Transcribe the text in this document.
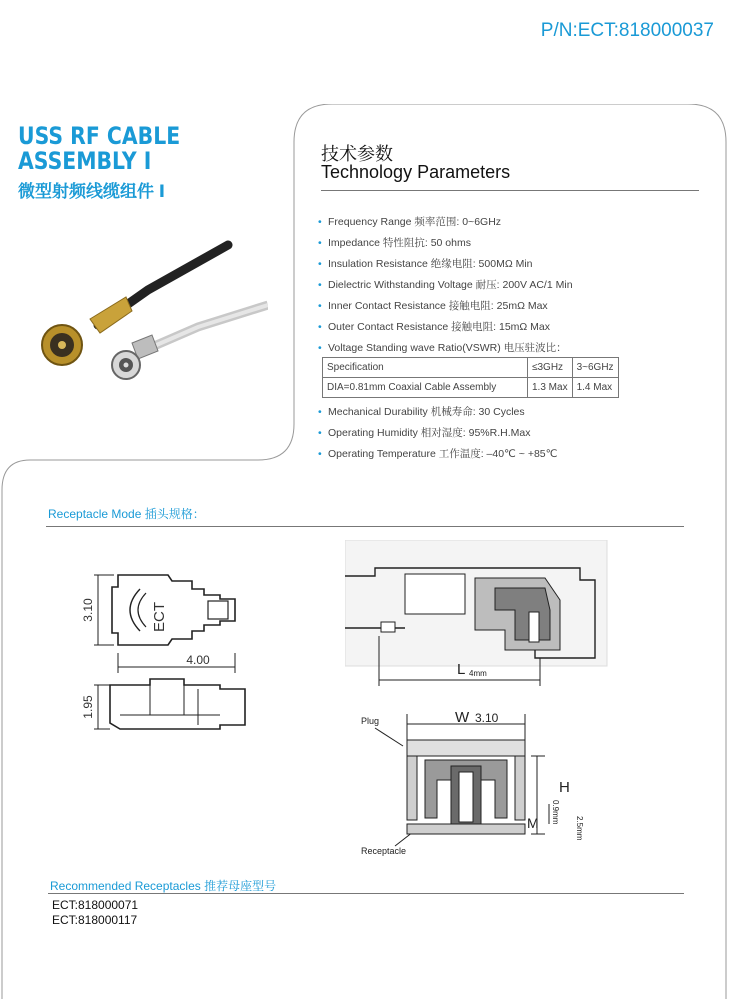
P/N:ECT:818000037
USS RF CABLE
ASSEMBLY Ⅰ
微型射频线缆组件 Ⅰ
技术参数
Technology Parameters
• Frequency Range 频率范围: 0~6GHz
• Impedance 特性阻抗: 50 ohms
• Insulation Resistance 绝缘电阻: 500MΩ Min
• Dielectric Withstanding Voltage 耐压: 200V AC/1 Min
• Inner Contact Resistance 接触电阻: 25mΩ Max
• Outer Contact Resistance 接触电阻: 15mΩ Max
• Voltage Standing wave Ratio(VSWR) 电压驻波比：
Specification	≤3GHz	3~6GHz
DIA=0.81mm Coaxial Cable Assembly	1.3 Max	1.4 Max
• Mechanical Durability 机械寿命: 30 Cycles
• Operating Humidity 相对湿度: 95%R.H.Max
• Operating Temperature 工作温度: –40℃ ~ +85℃
Receptacle Mode 插头规格：
ECT
3.10
4.00
1.95
L 4mm
Plug
Receptacle
W 3.10
H
2.5mm
M 0.9mm
Recommended Receptacles 推荐母座型号
ECT:818000071
ECT:818000117
